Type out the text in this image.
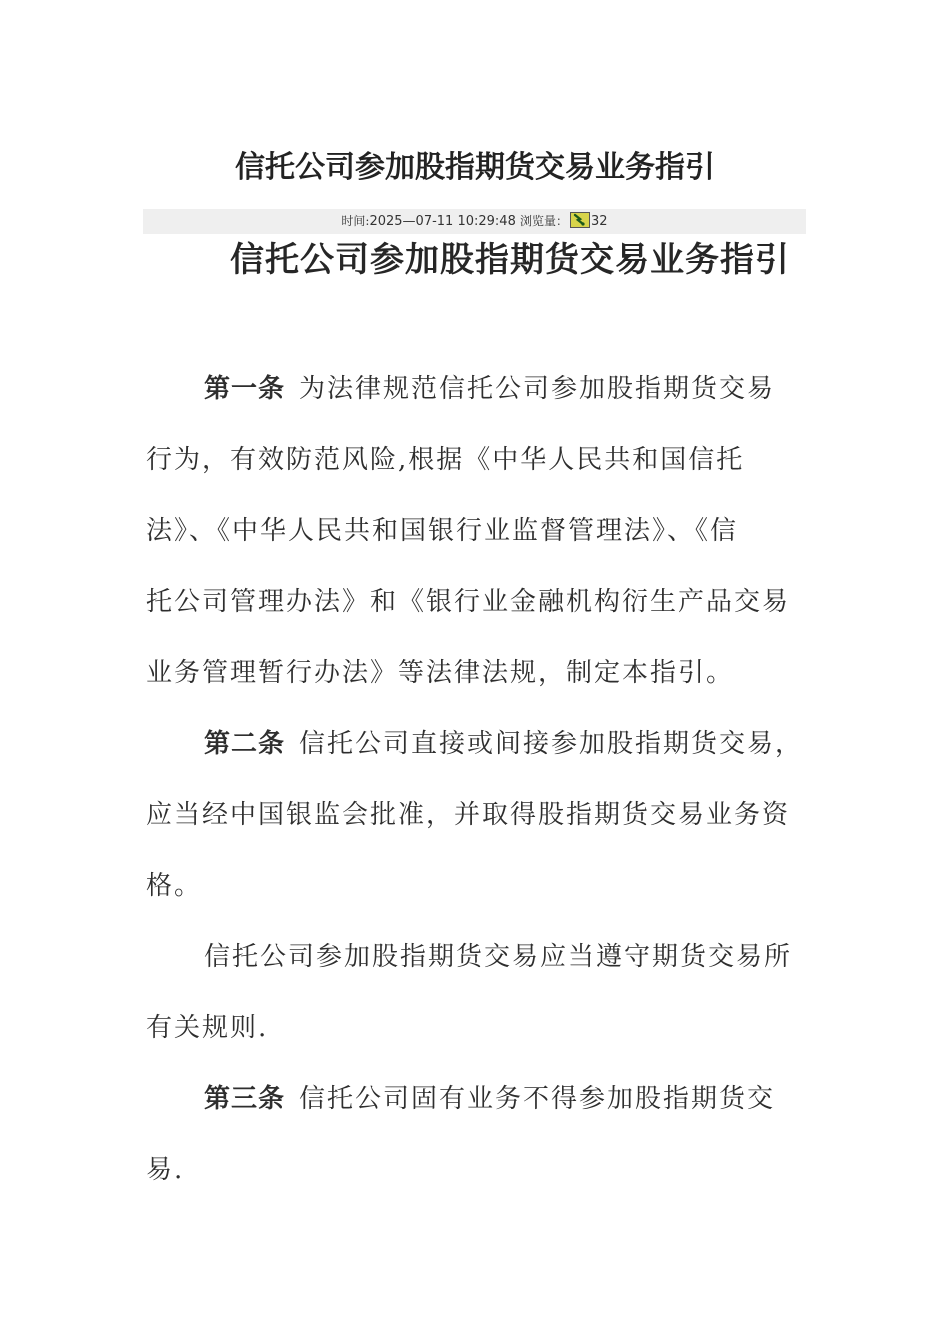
信托公司参加股指期货交易业务指引
时间:2025—07-11 10:29:48 浏览量： 32
信托公司参加股指期货交易业务指引

第一条 为法律规范信托公司参加股指期货交易
行为，有效防范风险,根据《中华人民共和国信托
法》、《中华人民共和国银行业监督管理法》、《信
托公司管理办法》和《银行业金融机构衍生产品交易
业务管理暂行办法》等法律法规，制定本指引。

第二条 信托公司直接或间接参加股指期货交易，
应当经中国银监会批准，并取得股指期货交易业务资
格。

信托公司参加股指期货交易应当遵守期货交易所
有关规则.

第三条 信托公司固有业务不得参加股指期货交
易.
